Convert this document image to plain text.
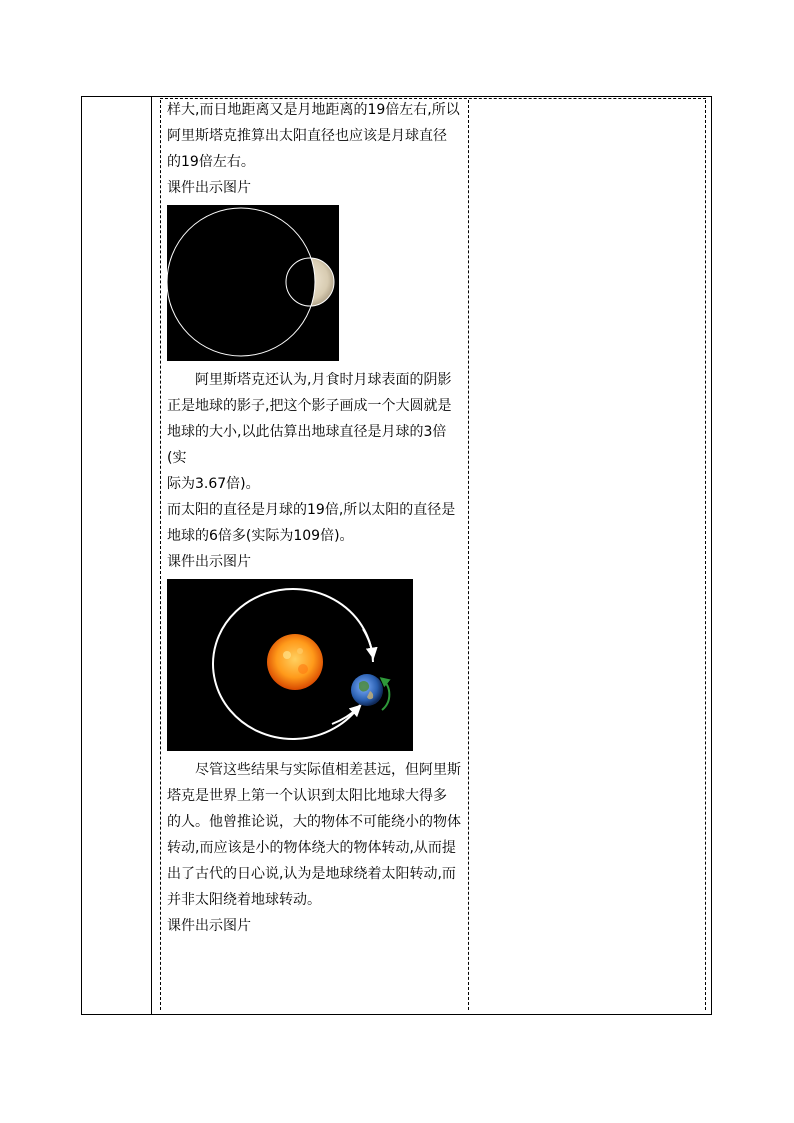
样大,而日地距离又是月地距离的19倍左右,所以

阿里斯塔克推算出太阳直径也应该是月球直径

的19倍左右。

课件出示图片

阿里斯塔克还认为,月食时月球表面的阴影

正是地球的影子,把这个影子画成一个大圆就是

地球的大小,以此估算出地球直径是月球的3倍(实

际为3.67倍)。

而太阳的直径是月球的19倍,所以太阳的直径是

地球的6倍多(实际为109倍)。

课件出示图片

尽管这些结果与实际值相差甚远，但阿里斯

塔克是世界上第一个认识到太阳比地球大得多

的人。他曾推论说，大的物体不可能绕小的物体

转动,而应该是小的物体绕大的物体转动,从而提

出了古代的日心说,认为是地球绕着太阳转动,而

并非太阳绕着地球转动。

课件出示图片
